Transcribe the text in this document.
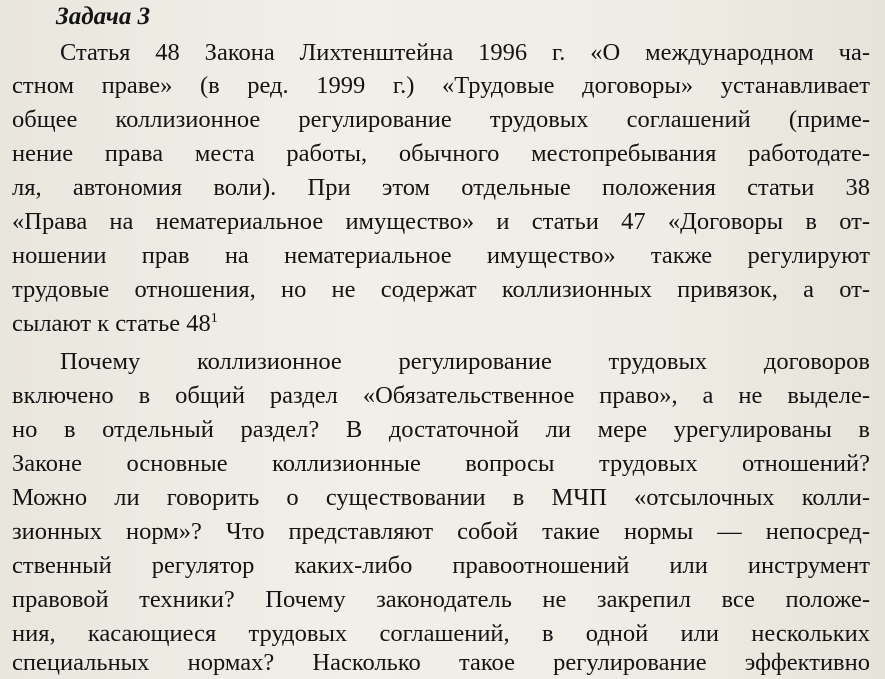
Задача 3
Статья 48 Закона Лихтенштейна 1996 г. «О международном ча-
стном праве» (в ред. 1999 г.) «Трудовые договоры» устанавливает
общее коллизионное регулирование трудовых соглашений (приме-
нение права места работы, обычного местопребывания работодате-
ля, автономия воли). При этом отдельные положения статьи 38
«Права на нематериальное имущество» и статьи 47 «Договоры в от-
ношении прав на нематериальное имущество» также регулируют
трудовые отношения, но не содержат коллизионных привязок, а от-
сылают к статье 48$^1$
Почему коллизионное регулирование трудовых договоров
включено в общий раздел «Обязательственное право», а не выделе-
но в отдельный раздел? В достаточной ли мере урегулированы в
Законе основные коллизионные вопросы трудовых отношений?
Можно ли говорить о существовании в МЧП «отсылочных колли-
зионных норм»? Что представляют собой такие нормы — непосред-
ственный регулятор каких-либо правоотношений или инструмент
правовой техники? Почему законодатель не закрепил все положе-
ния, касающиеся трудовых соглашений, в одной или нескольких
специальных нормах? Насколько такое регулирование эффективно
